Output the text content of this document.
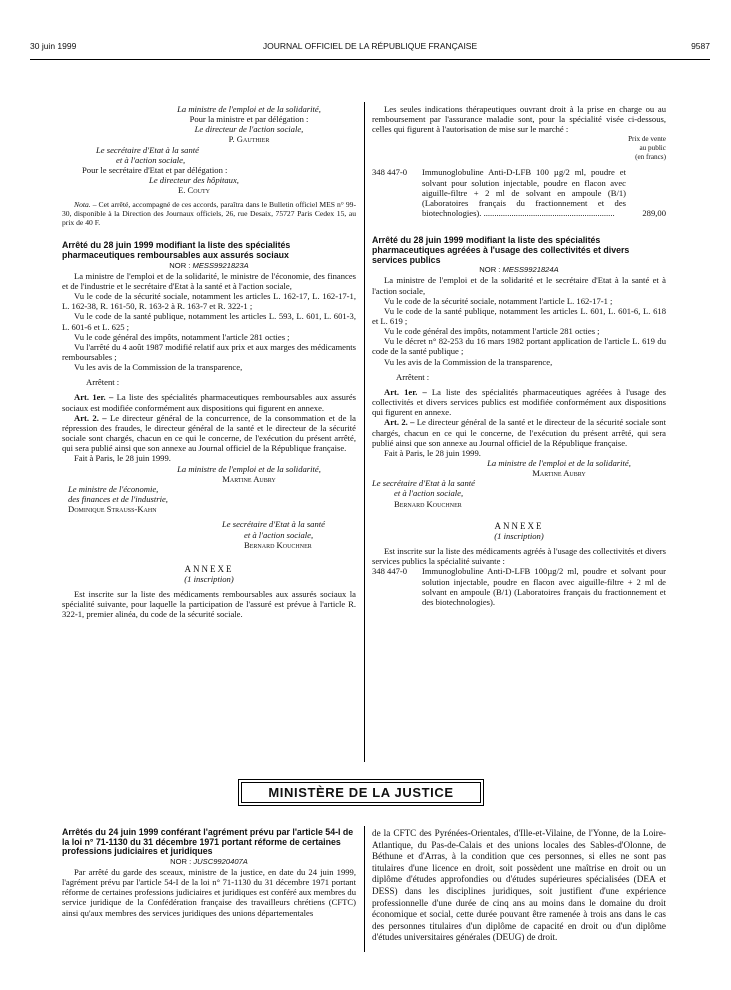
30 juin 1999	JOURNAL OFFICIEL DE LA RÉPUBLIQUE FRANÇAISE	9587

La ministre de l'emploi et de la solidarité,

Pour la ministre et par délégation :

Le directeur de l'action sociale,

P. Gauthier

Le secrétaire d'Etat à la santé

et à l'action sociale,

Pour le secrétaire d'Etat et par délégation :

Le directeur des hôpitaux,

E. Couty

Nota. – Cet arrêté, accompagné de ces accords, paraîtra dans le Bulletin officiel MES n° 99-30, disponible à la Direction des Journaux officiels, 26, rue Desaix, 75727 Paris Cedex 15, au prix de 40 F.

Arrêté du 28 juin 1999 modifiant la liste des spécialités pharmaceutiques remboursables aux assurés sociaux

NOR : MESS9921823A

La ministre de l'emploi et de la solidarité, le ministre de l'économie, des finances et de l'industrie et le secrétaire d'Etat à la santé et à l'action sociale,

Vu le code de la sécurité sociale, notamment les articles L. 162-17, L. 162-17-1, L. 162-38, R. 161-50, R. 163-2 à R. 163-7 et R. 322-1 ;

Vu le code de la santé publique, notamment les articles L. 593, L. 601, L. 601-3, L. 601-6 et L. 625 ;

Vu le code général des impôts, notamment l'article 281 octies ;

Vu l'arrêté du 4 août 1987 modifié relatif aux prix et aux marges des médicaments remboursables ;

Vu les avis de la Commission de la transparence,

Arrêtent :

Art. 1er. – La liste des spécialités pharmaceutiques remboursables aux assurés sociaux est modifiée conformément aux dispositions qui figurent en annexe.

Art. 2. – Le directeur général de la concurrence, de la consommation et de la répression des fraudes, le directeur général de la santé et le directeur de la sécurité sociale sont chargés, chacun en ce qui le concerne, de l'exécution du présent arrêté, qui sera publié ainsi que son annexe au Journal officiel de la République française.

Fait à Paris, le 28 juin 1999.

La ministre de l'emploi et de la solidarité,

Martine Aubry

Le ministre de l'économie,

des finances et de l'industrie,

Dominique Strauss-Kahn

Le secrétaire d'Etat à la santé

et à l'action sociale,

Bernard Kouchner

ANNEXE

(1 inscription)

Est inscrite sur la liste des médicaments remboursables aux assurés sociaux la spécialité suivante, pour laquelle la participation de l'assuré est prévue à l'article R. 322-1, premier alinéa, du code de la sécurité sociale.

Les seules indications thérapeutiques ouvrant droit à la prise en charge ou au remboursement par l'assurance maladie sont, pour la spécialité visée ci-dessous, celles qui figurent à l'autorisation de mise sur le marché :

Prix de vente

au public

(en francs)

348 447-0	Immunoglobuline Anti-D-LFB 100 µg/2 ml, poudre et solvant pour solution injectable, poudre en flacon avec aiguille-filtre + 2 ml de solvant en ampoule (B/1) (Laboratoires français du fractionnement et des biotechnologies). .............................................................	289,00

Arrêté du 28 juin 1999 modifiant la liste des spécialités pharmaceutiques agréées à l'usage des collectivités et divers services publics

NOR : MESS9921824A

La ministre de l'emploi et de la solidarité et le secrétaire d'Etat à la santé et à l'action sociale,

Vu le code de la sécurité sociale, notamment l'article L. 162-17-1 ;

Vu le code de la santé publique, notamment les articles L. 601, L. 601-6, L. 618 et L. 619 ;

Vu le code général des impôts, notamment l'article 281 octies ;

Vu le décret n° 82-253 du 16 mars 1982 portant application de l'article L. 619 du code de la santé publique ;

Vu les avis de la Commission de la transparence,

Arrêtent :

Art. 1er. – La liste des spécialités pharmaceutiques agréées à l'usage des collectivités et divers services publics est modifiée conformément aux dispositions qui figurent en annexe.

Art. 2. – Le directeur général de la santé et le directeur de la sécurité sociale sont chargés, chacun en ce qui le concerne, de l'exécution du présent arrêté, qui sera publié ainsi que son annexe au Journal officiel de la République française.

Fait à Paris, le 28 juin 1999.

La ministre de l'emploi et de la solidarité,

Martine Aubry

Le secrétaire d'Etat à la santé

et à l'action sociale,

Bernard Kouchner

ANNEXE

(1 inscription)

Est inscrite sur la liste des médicaments agréés à l'usage des collectivités et divers services publics la spécialité suivante :

348 447-0	Immunoglobuline Anti-D-LFB 100µg/2 ml, poudre et solvant pour solution injectable, poudre en flacon avec aiguille-filtre + 2 ml de solvant en ampoule (B/1) (Laboratoires français du fractionnement et des biotechnologies).
MINISTÈRE DE LA JUSTICE

Arrêtés du 24 juin 1999 conférant l'agrément prévu par l'article 54-I de la loi n° 71-1130 du 31 décembre 1971 portant réforme de certaines professions judiciaires et juridiques

NOR : JUSC9920407A

Par arrêté du garde des sceaux, ministre de la justice, en date du 24 juin 1999, l'agrément prévu par l'article 54-I de la loi n° 71-1130 du 31 décembre 1971 portant réforme de certaines professions judiciaires et juridiques est conféré aux membres du service juridique de la Confédération française des travailleurs chrétiens (CFTC) ainsi qu'aux membres des services juridiques des unions départementales

de la CFTC des Pyrénées-Orientales, d'Ille-et-Vilaine, de l'Yonne, de la Loire-Atlantique, du Pas-de-Calais et des unions locales des Sables-d'Olonne, de Béthune et d'Arras, à la condition que ces personnes, si elles ne sont pas titulaires d'une licence en droit, soit possèdent une maîtrise en droit ou un diplôme d'études approfondies ou d'études supérieures spécialisées (DEA et DESS) dans les disciplines juridiques, soit justifient d'une expérience professionnelle d'une durée de cinq ans au moins dans le domaine du droit économique et social, cette durée pouvant être ramenée à trois ans dans le cas des personnes titulaires d'un diplôme de capacité en droit ou d'un diplôme d'études universitaires générales (DEUG) de droit.
